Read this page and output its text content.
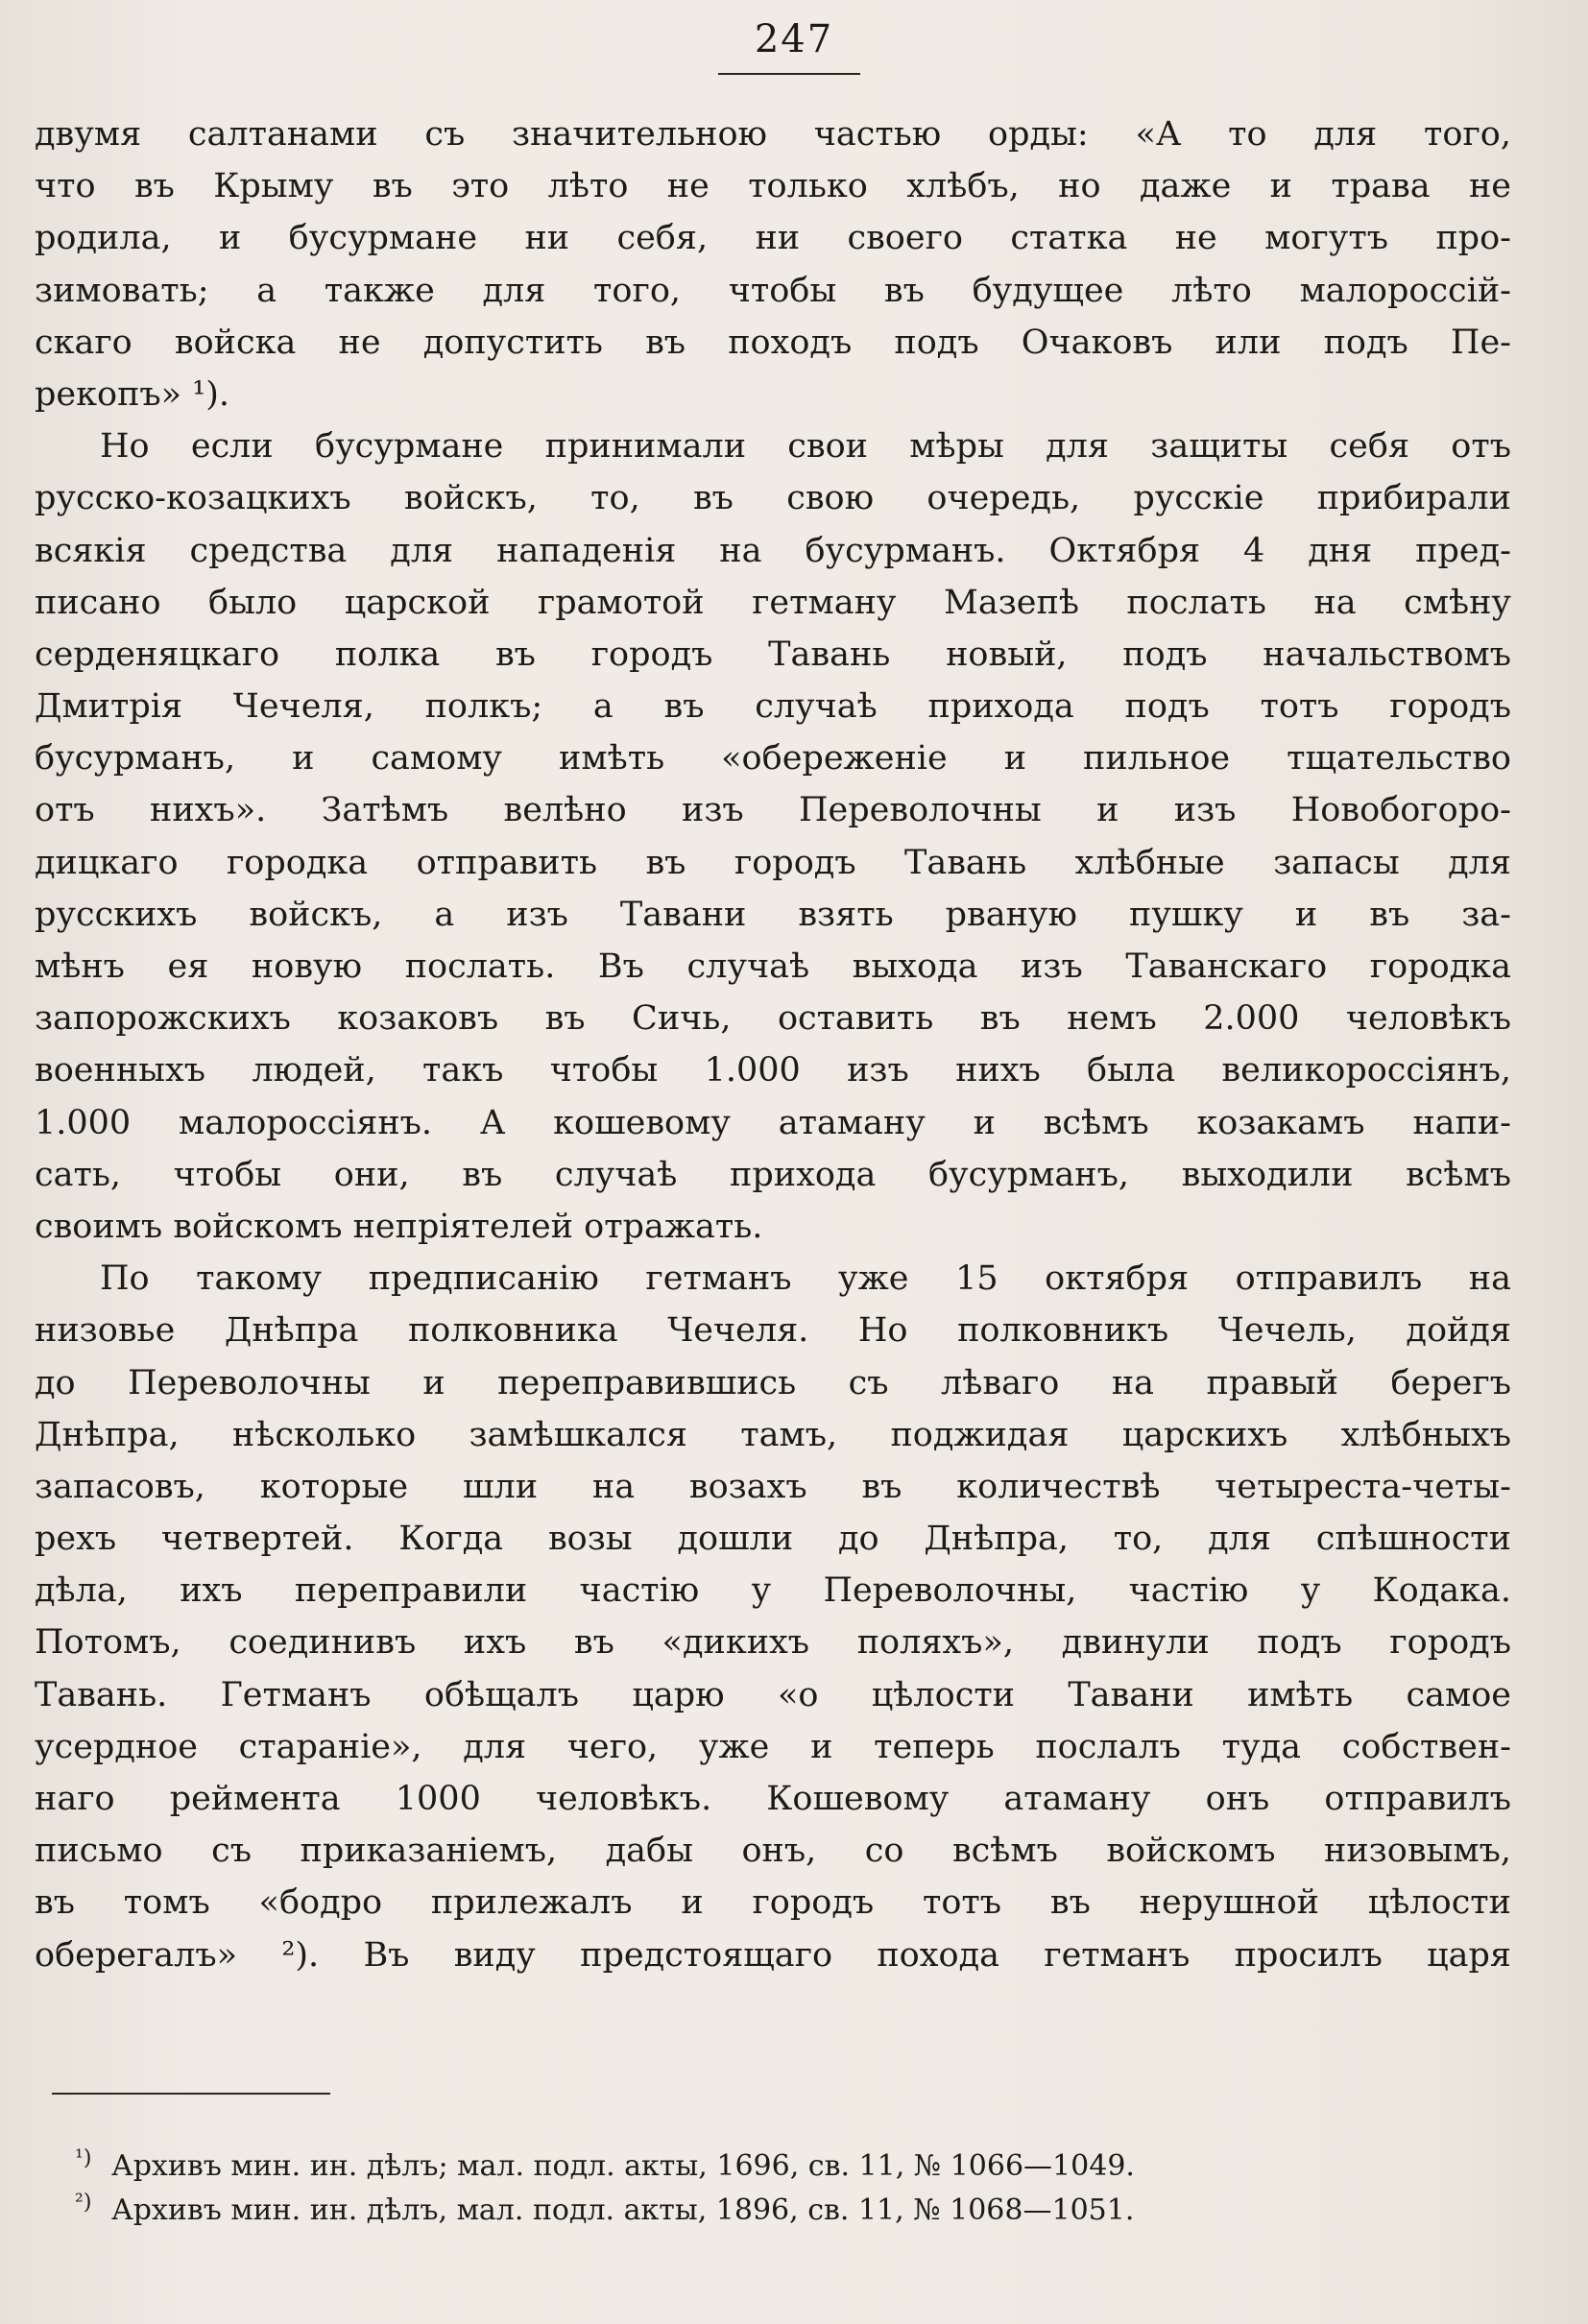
247
двумя салтанами съ значительною частью орды: «А то для того,
что въ Крыму въ это лѣто не только хлѣбъ, но даже и трава не
родила, и бусурмане ни себя, ни своего статка не могутъ про-
зимовать; а также для того, чтобы въ будущее лѣто малороссій-
скаго войска не допустить въ походъ подъ Очаковъ или подъ Пе-
рекопъ» ¹).
Но если бусурмане принимали свои мѣры для защиты себя отъ
русско-козацкихъ войскъ, то, въ свою очередь, русскіе прибирали
всякія средства для нападенія на бусурманъ. Октября 4 дня пред-
писано было царской грамотой гетману Мазепѣ послать на смѣну
серденяцкаго полка въ городъ Тавань новый, подъ начальствомъ
Дмитрія Чечеля, полкъ; а въ случаѣ прихода подъ тотъ городъ
бусурманъ, и самому имѣть «обереженіе и пильное тщательство
отъ нихъ». Затѣмъ велѣно изъ Переволочны и изъ Новобогоро-
дицкаго городка отправить въ городъ Тавань хлѣбные запасы для
русскихъ войскъ, а изъ Тавани взять рваную пушку и въ за-
мѣнъ ея новую послать. Въ случаѣ выхода изъ Таванскаго городка
запорожскихъ козаковъ въ Сичь, оставить въ немъ 2.000 человѣкъ
военныхъ людей, такъ чтобы 1.000 изъ нихъ была великороссіянъ,
1.000 малороссіянъ. А кошевому атаману и всѣмъ козакамъ напи-
сать, чтобы они, въ случаѣ прихода бусурманъ, выходили всѣмъ
своимъ войскомъ непріятелей отражать.
По такому предписанію гетманъ уже 15 октября отправилъ на
низовье Днѣпра полковника Чечеля. Но полковникъ Чечель, дойдя
до Переволочны и переправившись съ лѣваго на правый берегъ
Днѣпра, нѣсколько замѣшкался тамъ, поджидая царскихъ хлѣбныхъ
запасовъ, которые шли на возахъ въ количествѣ четыреста-четы-
рехъ четвертей. Когда возы дошли до Днѣпра, то, для спѣшности
дѣла, ихъ переправили частію у Переволочны, частію у Кодака.
Потомъ, соединивъ ихъ въ «дикихъ поляхъ», двинули подъ городъ
Тавань. Гетманъ обѣщалъ царю «о цѣлости Тавани имѣть самое
усердное стараніе», для чего, уже и теперь послалъ туда собствен-
наго реймента 1000 человѣкъ. Кошевому атаману онъ отправилъ
письмо съ приказаніемъ, дабы онъ, со всѣмъ войскомъ низовымъ,
въ томъ «бодро прилежалъ и городъ тотъ въ нерушной цѣлости
оберегалъ» ²). Въ виду предстоящаго похода гетманъ просилъ царя
¹) Архивъ мин. ин. дѣлъ; мал. подл. акты, 1696, св. 11, № 1066—1049.
²) Архивъ мин. ин. дѣлъ, мал. подл. акты, 1896, св. 11, № 1068—1051.
